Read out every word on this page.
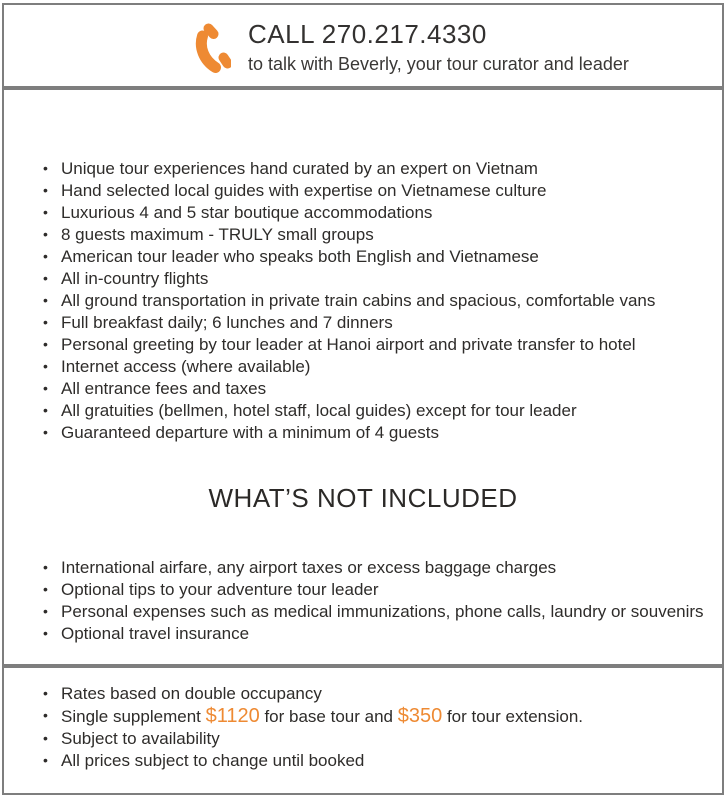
CALL 270.217.4330
to talk with Beverly, your tour curator and leader
• Unique tour experiences hand curated by an expert on Vietnam
• Hand selected local guides with expertise on Vietnamese culture
• Luxurious 4 and 5 star boutique accommodations
• 8 guests maximum - TRULY small groups
• American tour leader who speaks both English and Vietnamese
• All in-country flights
• All ground transportation in private train cabins and spacious, comfortable vans
• Full breakfast daily; 6 lunches and 7 dinners
• Personal greeting by tour leader at Hanoi airport and private transfer to hotel
• Internet access (where available)
• All entrance fees and taxes
• All gratuities (bellmen, hotel staff, local guides) except for tour leader
• Guaranteed departure with a minimum of 4 guests
WHAT’S NOT INCLUDED
• International airfare, any airport taxes or excess baggage charges
• Optional tips to your adventure tour leader
• Personal expenses such as medical immunizations, phone calls, laundry or souvenirs
• Optional travel insurance
• Rates based on double occupancy
• Single supplement $1120 for base tour and $350 for tour extension.
• Subject to availability
• All prices subject to change until booked
